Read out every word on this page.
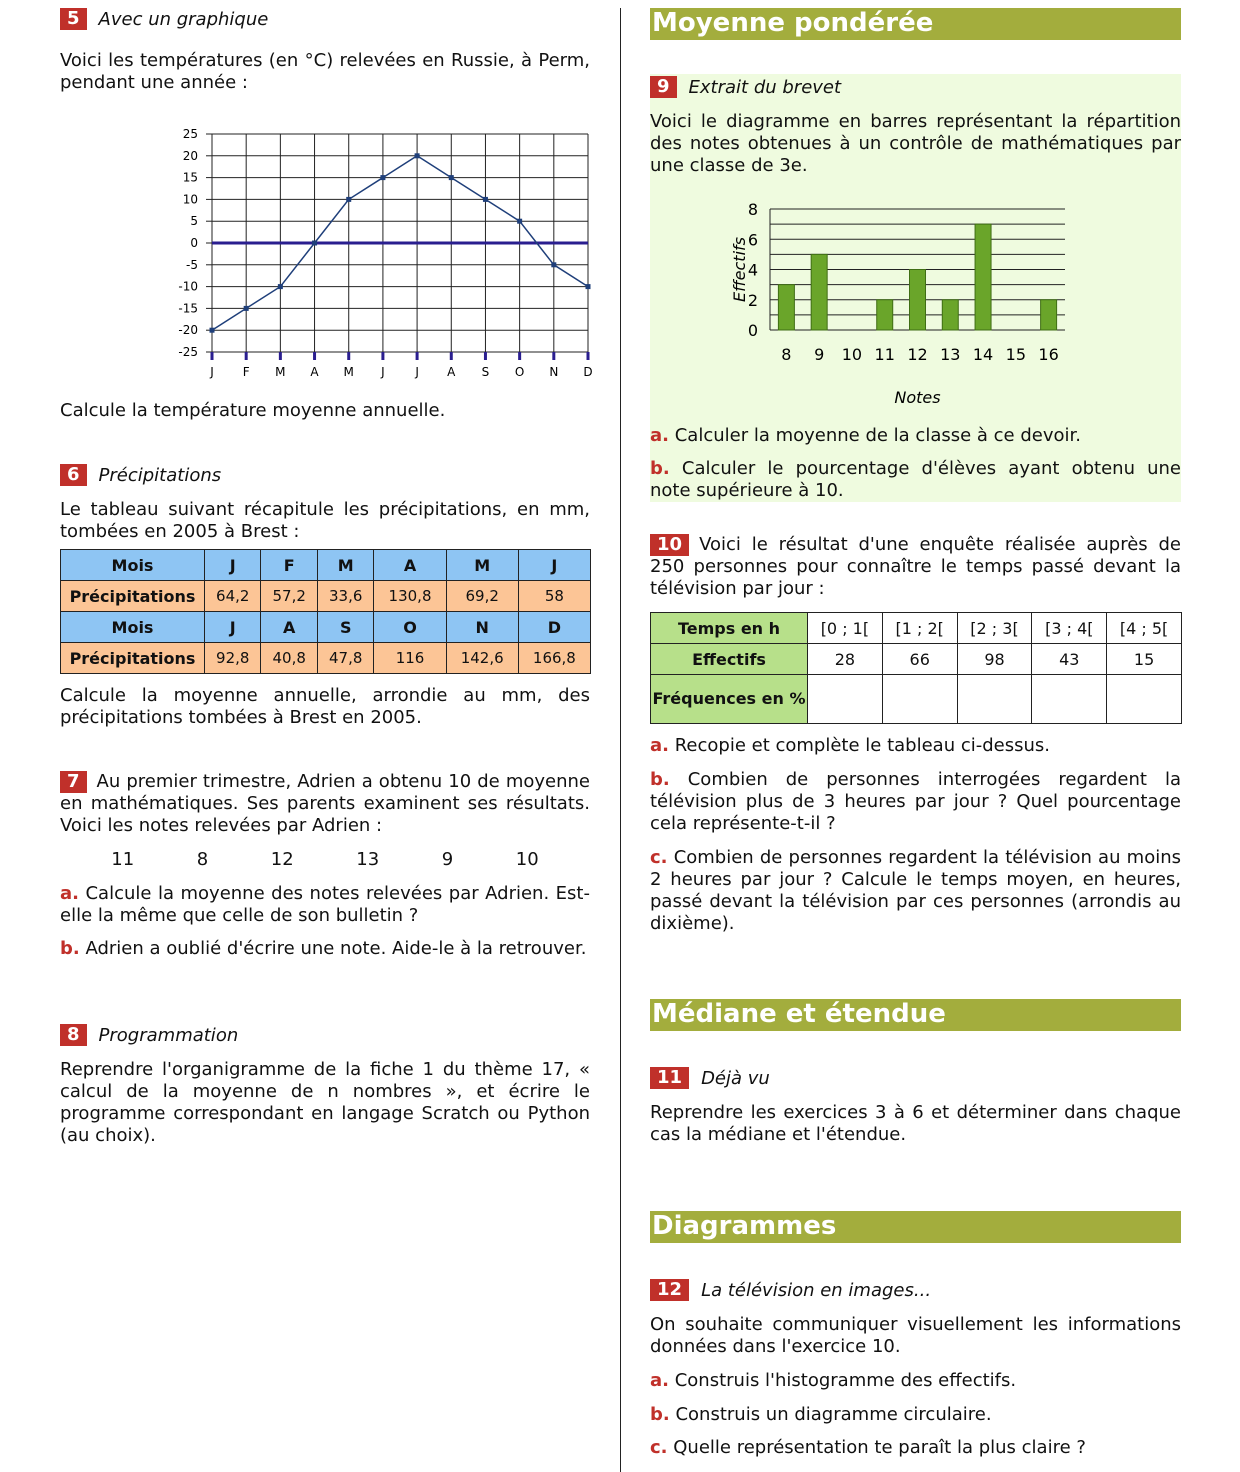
5	Avec un graphique

Voici les températures (en °C) relevées en Russie, à Perm, pendant une année :

25
20
15
10
5
0
-5
-10
-15
-20
-25
J F M A M J	J A S O N D

Calcule la température moyenne annuelle.

6	Précipitations

Le tableau suivant récapitule les précipitations, en mm, tombées en 2005 à Brest :

Mois	J	F	M	A	M	J
Précipitations	64,2	57,2	33,6	130,8	69,2	58
Mois	J	A	S	O	N	D
Précipitations	92,8	40,8	47,8	116	142,6	166,8

Calcule la moyenne annuelle, arrondie au mm, des précipitations tombées à Brest en 2005.

7 Au premier trimestre, Adrien a obtenu 10 de moyenne en mathématiques. Ses parents examinent ses résultats. Voici les notes relevées par Adrien :

11	8	12	13	9	10

a. Calcule la moyenne des notes relevées par Adrien. Est-elle la même que celle de son bulletin ?

b. Adrien a oublié d'écrire une note. Aide-le à la retrouver.

8	Programmation

Reprendre l'organigramme de la fiche 1 du thème 17, « calcul de la moyenne de n nombres », et écrire le programme correspondant en langage Scratch ou Python (au choix).

Moyenne pondérée
9	Extrait du brevet

Voici le diagramme en barres représentant la répartition des notes obtenues à un contrôle de mathématiques par une classe de 3e.

8
6
4
2
0
8 9 10 11 12 13 14 15 16
Notes
Effectifs

a. Calculer la moyenne de la classe à ce devoir.

b. Calculer le pourcentage d'élèves ayant obtenu une note supérieure à 10.

10 Voici le résultat d'une enquête réalisée auprès de 250 personnes pour connaître le temps passé devant la télévision par jour :

Temps en h	[0 ; 1[	[1 ; 2[	[2 ; 3[	[3 ; 4[	[4 ; 5[
Effectifs	28	66	98	43	15
Fréquences en %					

a. Recopie et complète le tableau ci-dessus.

b. Combien de personnes interrogées regardent la télévision plus de 3 heures par jour ? Quel pourcentage cela représente-t-il ?

c. Combien de personnes regardent la télévision au moins 2 heures par jour ? Calcule le temps moyen, en heures, passé devant la télévision par ces personnes (arrondis au dixième).

Médiane et étendue
11	Déjà vu

Reprendre les exercices 3 à 6 et déterminer dans chaque cas la médiane et l'étendue.

Diagrammes
12	La télévision en images...

On souhaite communiquer visuellement les informations données dans l'exercice 10.

a. Construis l'histogramme des effectifs.

b. Construis un diagramme circulaire.

c. Quelle représentation te paraît la plus claire ?
